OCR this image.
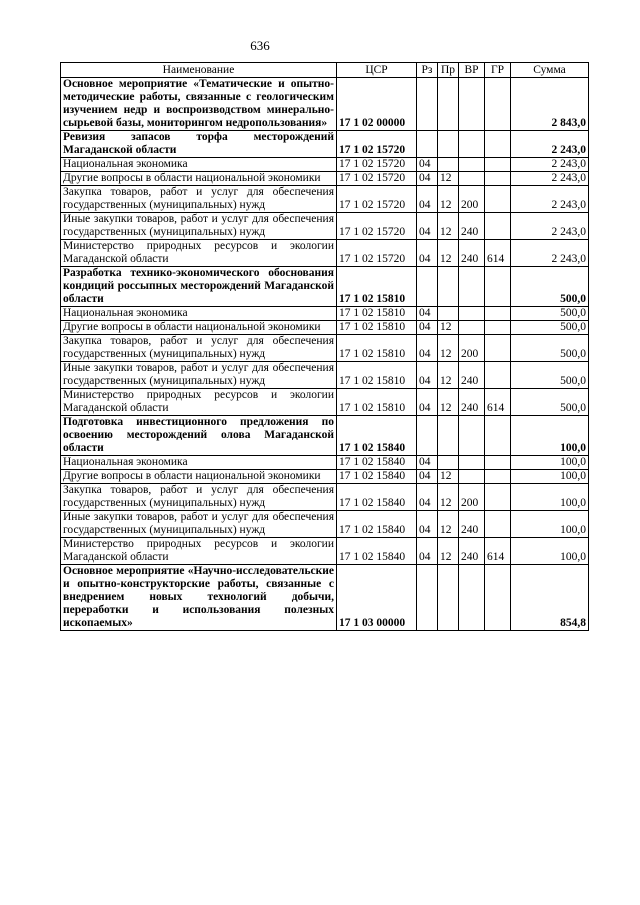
636
Наименование	ЦСР	Рз	Пр	ВР	ГР	Сумма
Основное мероприятие «Тематические и опытно-методические работы, связанные с геологическим изучением недр и воспроизводством минерально-сырьевой базы, мониторингом недропользования»	17 1 02 00000					2 843,0
Ревизия запасов торфа месторождений Магаданской области	17 1 02 15720					2 243,0
Национальная экономика	17 1 02 15720	04				2 243,0
Другие вопросы в области национальной экономики	17 1 02 15720	04	12			2 243,0
Закупка товаров, работ и услуг для обеспечения государственных (муниципальных) нужд	17 1 02 15720	04	12	200		2 243,0
Иные закупки товаров, работ и услуг для обеспечения государственных (муниципальных) нужд	17 1 02 15720	04	12	240		2 243,0
Министерство природных ресурсов и экологии Магаданской области	17 1 02 15720	04	12	240	614	2 243,0
Разработка технико-экономического обоснования кондиций россыпных месторождений Магаданской области	17 1 02 15810					500,0
Национальная экономика	17 1 02 15810	04				500,0
Другие вопросы в области национальной экономики	17 1 02 15810	04	12			500,0
Закупка товаров, работ и услуг для обеспечения государственных (муниципальных) нужд	17 1 02 15810	04	12	200		500,0
Иные закупки товаров, работ и услуг для обеспечения государственных (муниципальных) нужд	17 1 02 15810	04	12	240		500,0
Министерство природных ресурсов и экологии Магаданской области	17 1 02 15810	04	12	240	614	500,0
Подготовка инвестиционного предложения по освоению месторождений олова Магаданской области	17 1 02 15840					100,0
Национальная экономика	17 1 02 15840	04				100,0
Другие вопросы в области национальной экономики	17 1 02 15840	04	12			100,0
Закупка товаров, работ и услуг для обеспечения государственных (муниципальных) нужд	17 1 02 15840	04	12	200		100,0
Иные закупки товаров, работ и услуг для обеспечения государственных (муниципальных) нужд	17 1 02 15840	04	12	240		100,0
Министерство природных ресурсов и экологии Магаданской области	17 1 02 15840	04	12	240	614	100,0
Основное мероприятие «Научно-исследовательские и опытно-конструкторские работы, связанные с внедрением новых технологий добычи, переработки и использования полезных ископаемых»	17 1 03 00000					854,8
